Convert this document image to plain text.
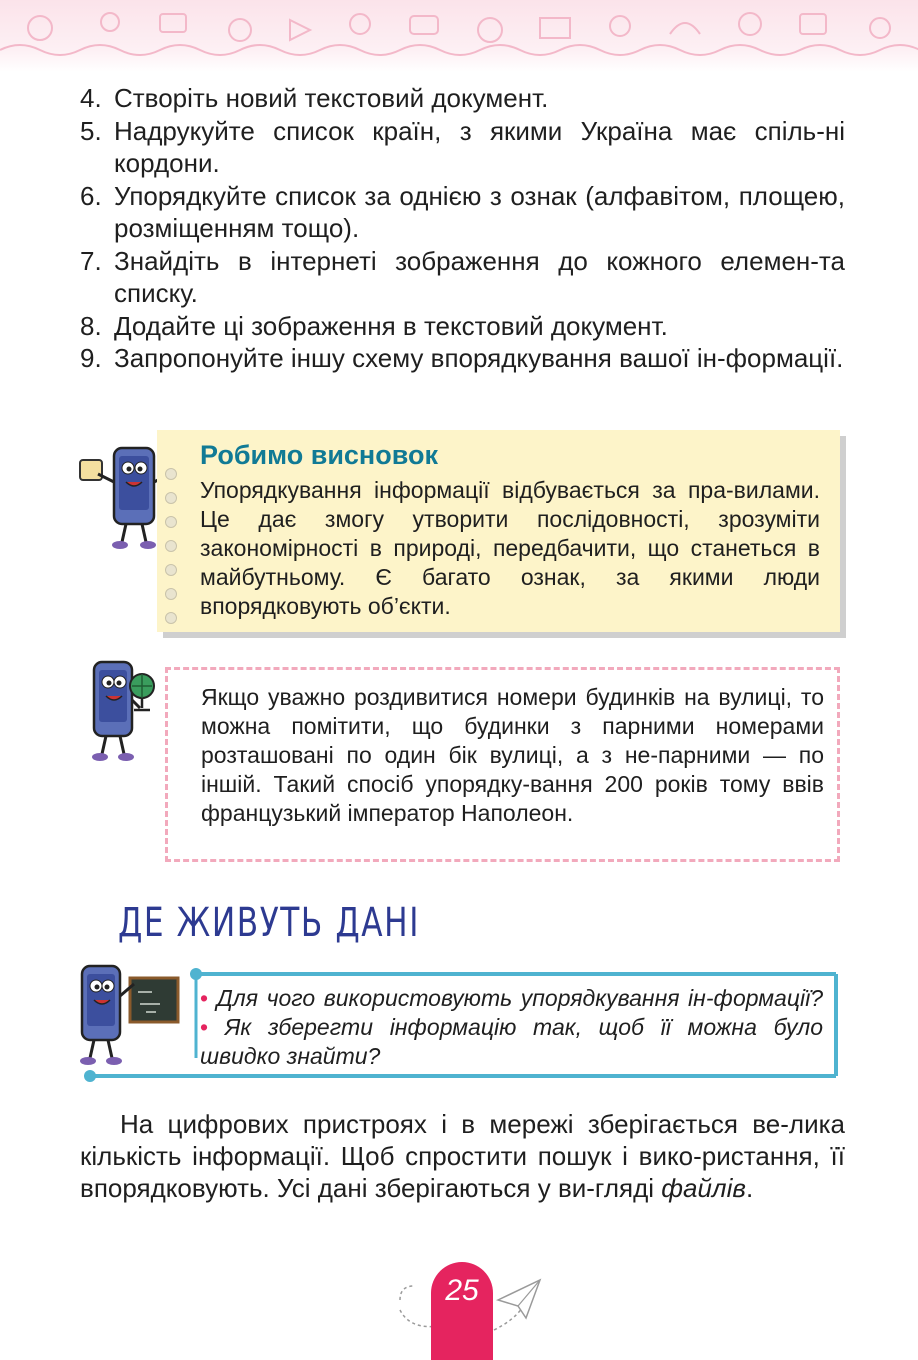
4. Створіть новий текстовий документ.
5. Надрукуйте список країн, з якими Україна має спіль-ні кордони.
6. Упорядкуйте список за однією з ознак (алфавітом, площею, розміщенням тощо).
7. Знайдіть в інтернеті зображення до кожного елемен-та списку.
8. Додайте ці зображення в текстовий документ.
9. Запропонуйте іншу схему впорядкування вашої ін-формації.
Робимо висновок
Упорядкування інформації відбувається за пра-вилами. Це дає змогу утворити послідовності, зрозуміти закономірності в природі, передбачити, що станеться в майбутньому. Є багато ознак, за якими люди впорядковують об’єкти.
Якщо уважно роздивитися номери будинків на вулиці, то можна помітити, що будинки з парними номерами розташовані по один бік вулиці, а з не-парними — по іншій. Такий спосіб упорядку-вання 200 років тому ввів французький імператор Наполеон.
ДЕ ЖИВУТЬ ДАНІ
• Для чого використовують упорядкування ін-формації? • Як зберегти інформацію так, щоб її можна було швидко знайти?
На цифрових пристроях і в мережі зберігається ве-лика кількість інформації. Щоб спростити пошук і вико-ристання, її впорядковують. Усі дані зберігаються у ви-гляді файлів.
25
